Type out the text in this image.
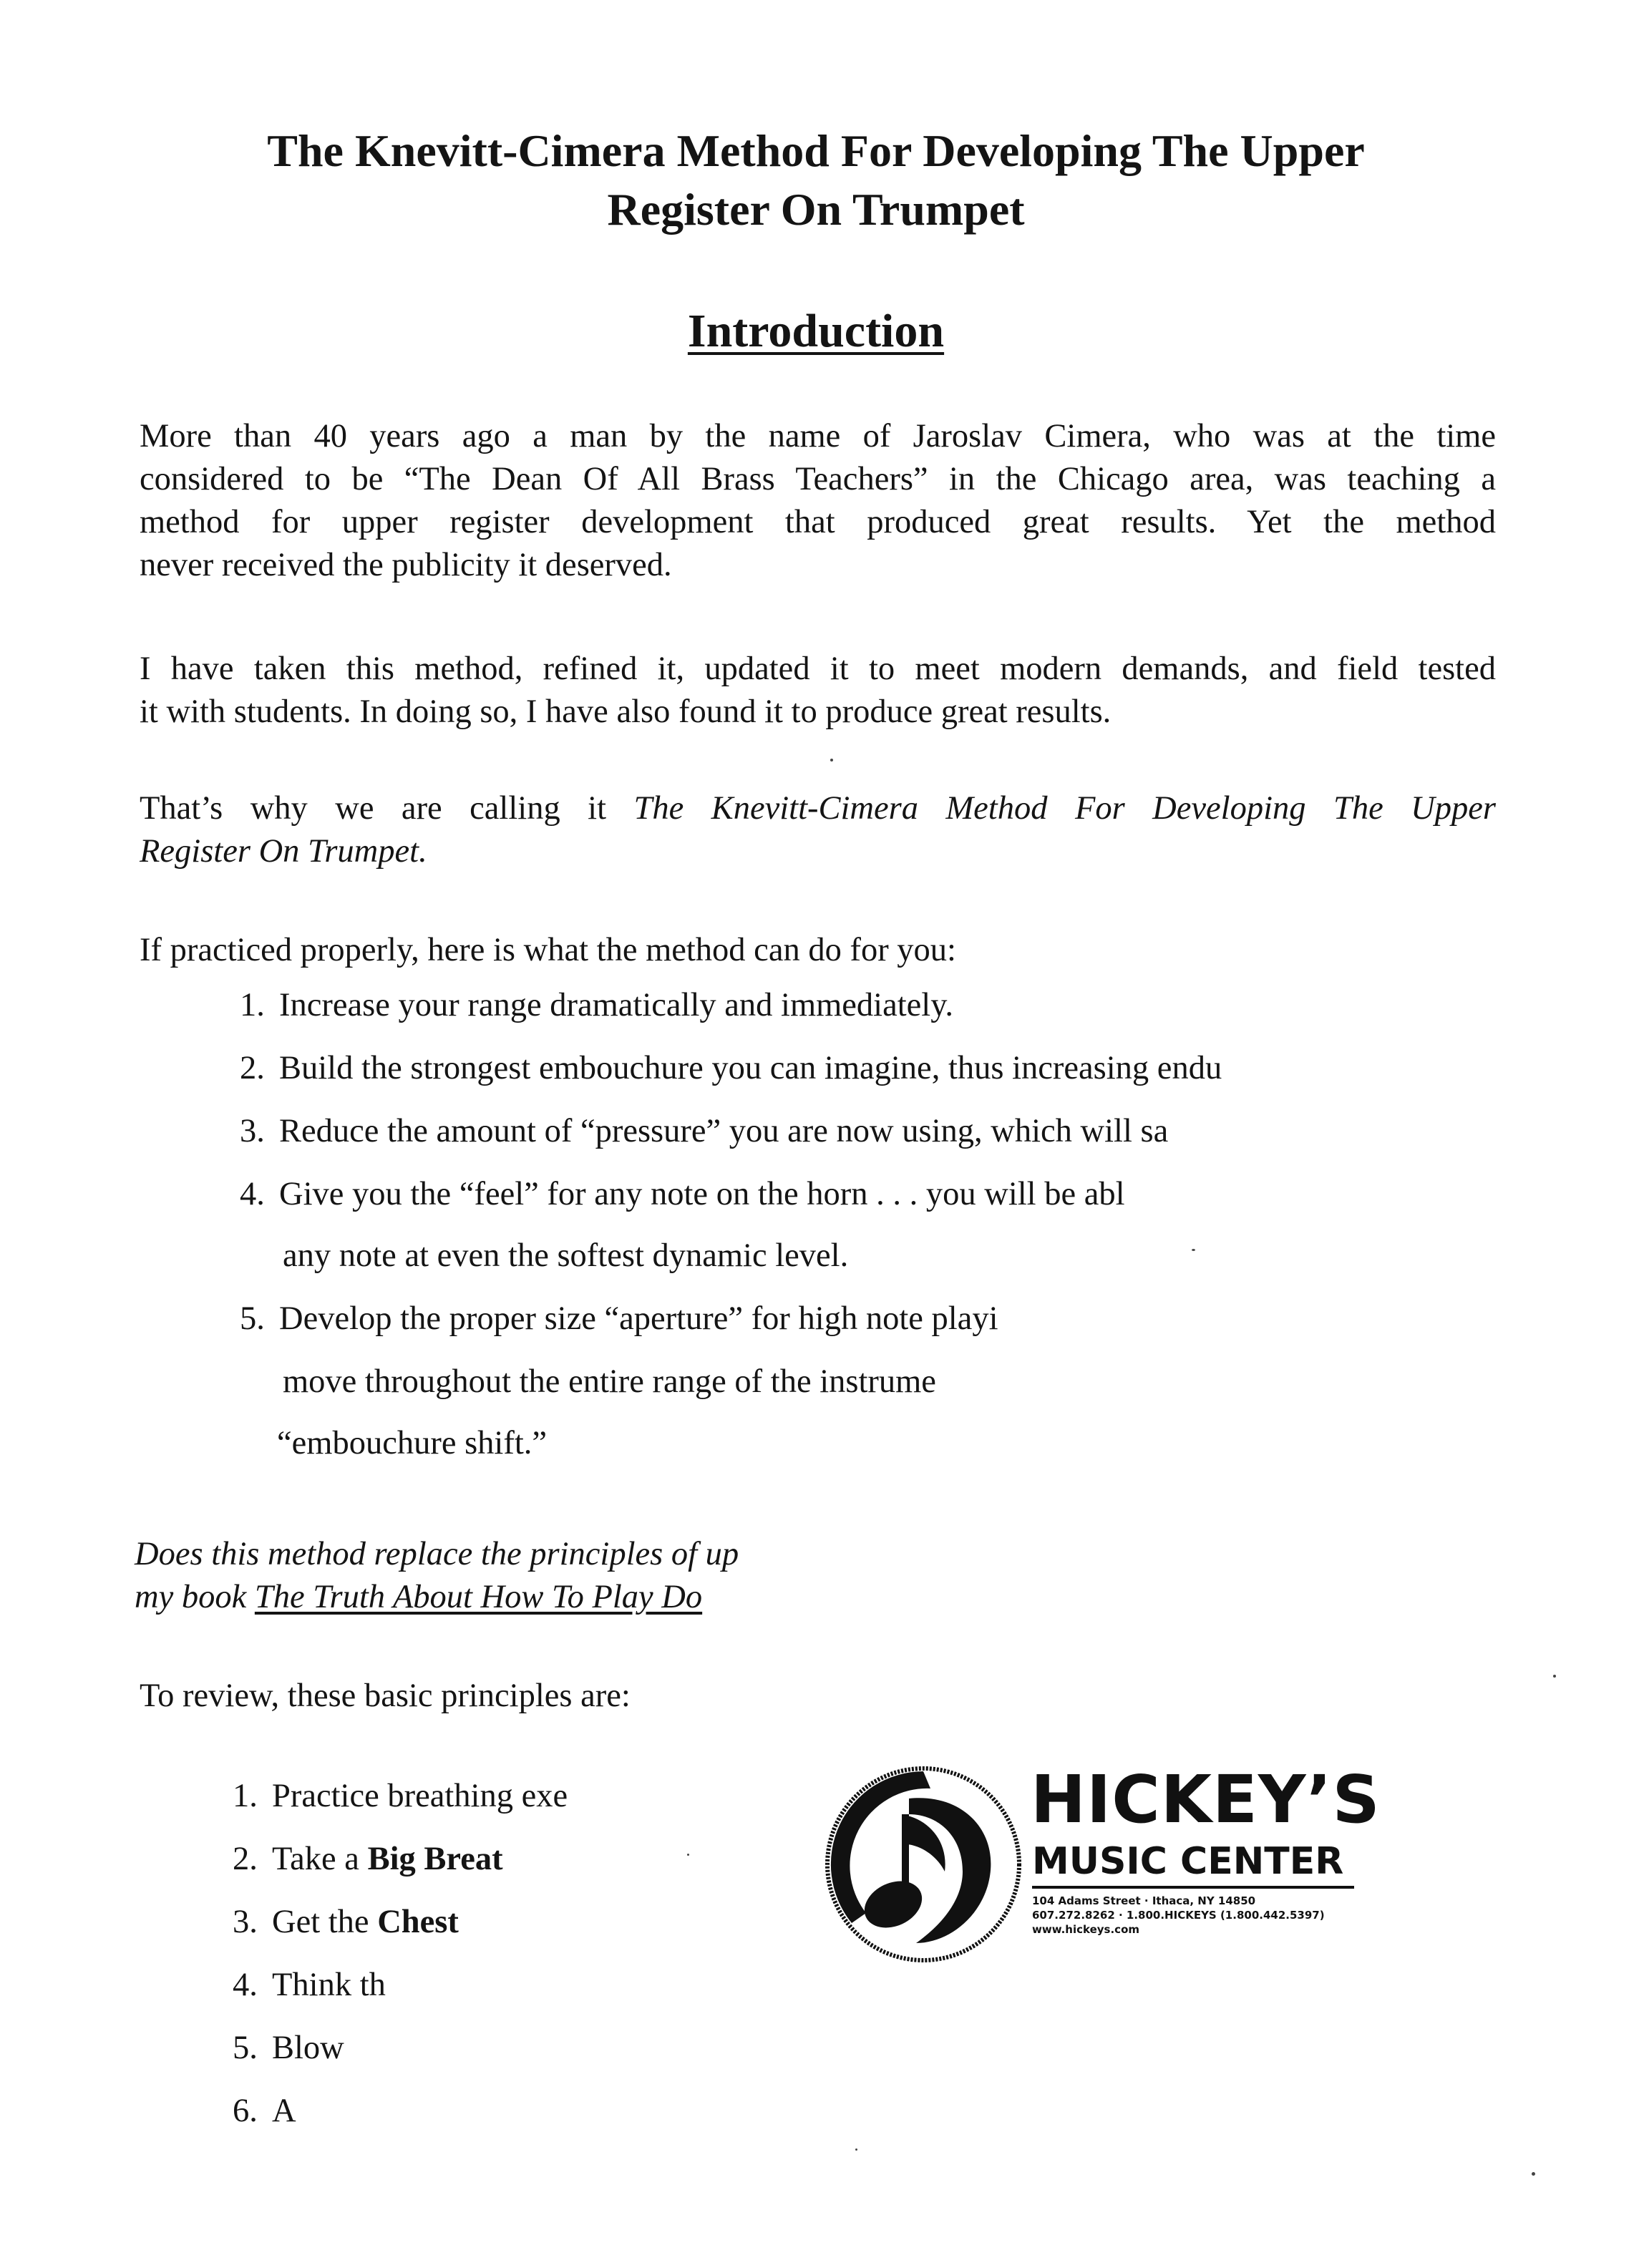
The Knevitt-Cimera Method For Developing The Upper
Register On Trumpet
Introduction
More than 40 years ago a man by the name of Jaroslav Cimera, who was at the time
considered to be “The Dean Of All Brass Teachers” in the Chicago area, was teaching a
method for upper register development that produced great results. Yet the method
never received the publicity it deserved.
I have taken this method, refined it, updated it to meet modern demands, and field tested
it with students. In doing so, I have also found it to produce great results.
That’s why we are calling it The Knevitt-Cimera Method For Developing The Upper
Register On Trumpet.
If practiced properly, here is what the method can do for you:
1. Increase your range dramatically and immediately.
2. Build the strongest embouchure you can imagine, thus increasing endu
3. Reduce the amount of “pressure” you are now using, which will sa
4. Give you the “feel” for any note on the horn . . . you will be abl
any note at even the softest dynamic level.
5. Develop the proper size “aperture” for high note playi
move throughout the entire range of the instrume
“embouchure shift.”
Does this method replace the principles of up
my book The Truth About How To Play Do
To review, these basic principles are:
1. Practice breathing exe
2. Take a Big Breat
3. Get the Chest
4. Think th
5. Blow
6. A
HICKEY’S
MUSIC CENTER
104 Adams Street · Ithaca, NY 14850
607.272.8262 · 1.800.HICKEYS (1.800.442.5397)
www.hickeys.com
